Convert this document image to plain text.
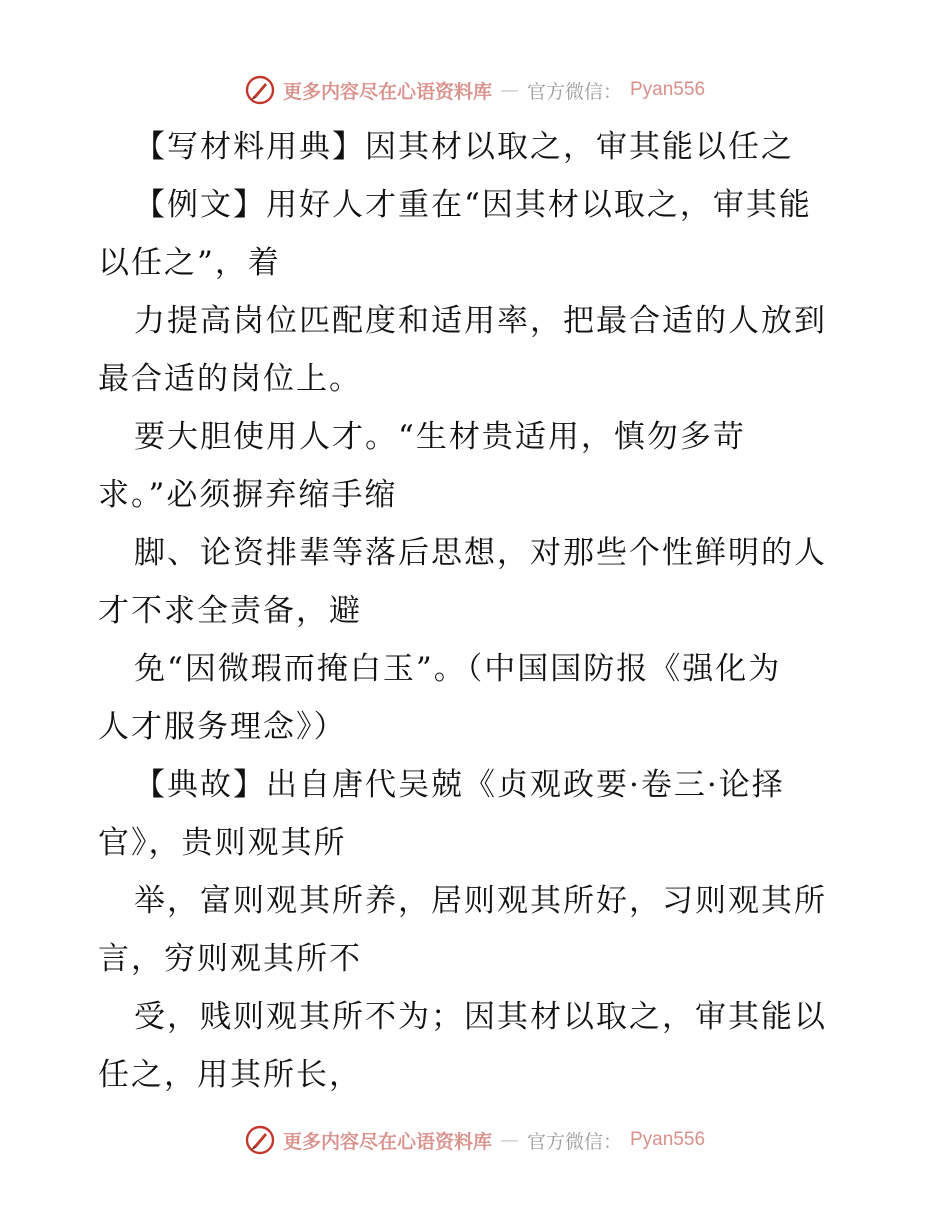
更多内容尽在心语资料库 — 官方微信： Pyan556

【写材料用典】因其材以取之，审其能以任之

【例文】用好人才重在“因其材以取之，审其能

以任之”，着

力提高岗位匹配度和适用率，把最合适的人放到

最合适的岗位上。

要大胆使用人才。“生材贵适用，慎勿多苛

求。”必须摒弃缩手缩

脚、论资排辈等落后思想，对那些个性鲜明的人

才不求全责备，避

免“因微瑕而掩白玉”。（中国国防报《强化为

人才服务理念》）

【典故】出自唐代吴兢《贞观政要·卷三·论择

官》，贵则观其所

举，富则观其所养，居则观其所好，习则观其所

言，穷则观其所不

受，贱则观其所不为；因其材以取之，审其能以

任之，用其所长，

更多内容尽在心语资料库 — 官方微信： Pyan556
